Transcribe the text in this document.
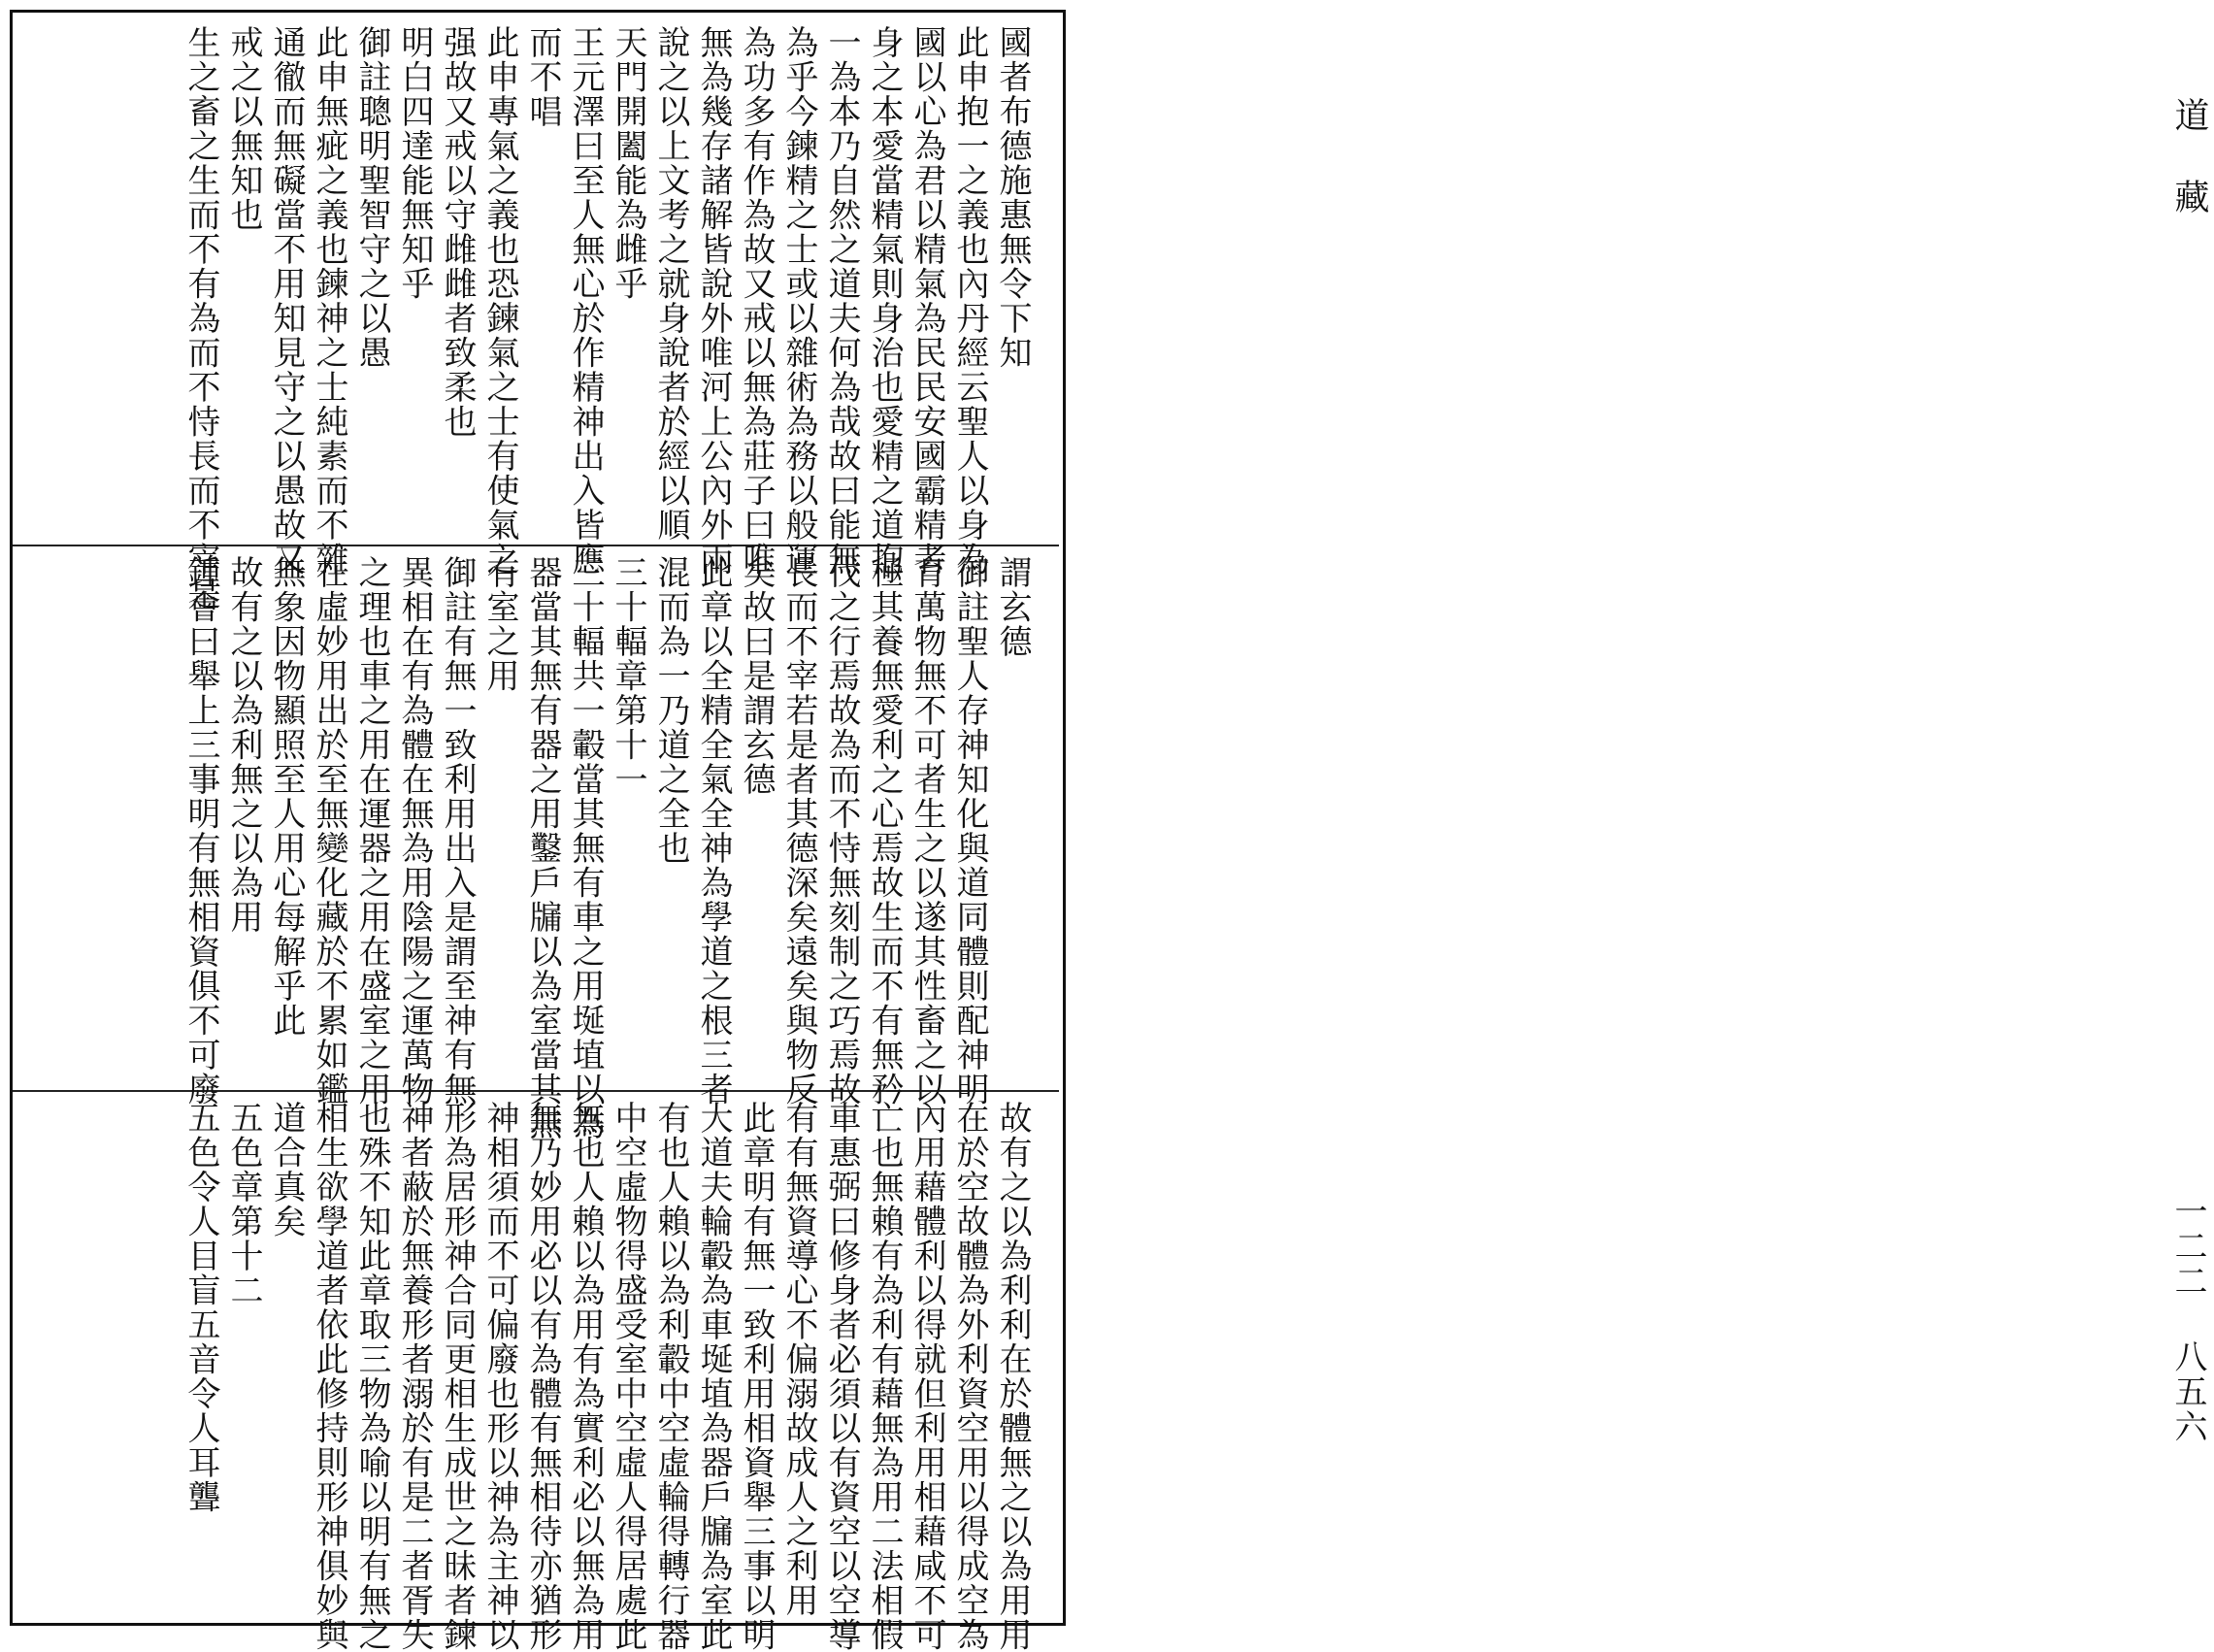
國者布德施惠無令下知
此申抱一之義也內丹經云聖人以身為
國以心為君以精氣為民民安國霸精者
身之本愛當精氣則身治也愛精之道抱
一為本乃自然之道夫何為哉故曰能無
為乎今鍊精之士或以雜術為務以般運
為功多有作為故又戒以無為莊子曰唯
無為幾存諸解皆說外唯河上公內外兩
說之以上文考之就身說者於經以順
天門開闔能為雌乎
王元澤曰至人無心於作精神出入皆應
而不唱
此申專氣之義也恐鍊氣之士有使氣之
强故又戒以守雌雌者致柔也
明白四達能無知乎
御註聰明聖智守之以愚
此申無疵之義也鍊神之士純素而不雜
通徹而無礙當不用知見守之以愚故又
戒之以無知也
生之畜之生而不有為而不恃長而不宰是	謂玄德
御註聖人存神知化與道同體則配神明
育萬物無不可者生之以遂其性畜之以
極其養無愛利之心焉故生而不有無矜
伐之行焉故為而不恃無刻制之巧焉故
長而不宰若是者其德深矣遠矣與物反
矣故曰是謂玄德
此章以全精全氣全神為學道之根三者
混而為一乃道之全也
三十輻章第十一
三十輻共一轂當其無有車之用埏埴以為
器當其無有器之用鑿戶牖以為室當其無
有室之用
御註有無一致利用出入是謂至神有無
異相在有為體在無為用陰陽之運萬物
之理也車之用在運器之用在盛室之用
在虛妙用出於至無變化藏於不累如鑑
無象因物顯照至人用心每解乎此
故有之以為利無之以為用
鍾會曰舉上三事明有無相資俱不可廢
故有之以為利利在於體無之以為用用
在於空故體為外利資空用以得成空為
內用藉體利以得就但利用相藉咸不可
亡也無賴有為利有藉無為用二法相假
車惠弼曰修身者必須以有資空以空導
有有無資導心不偏溺故成人之利用
此章明有無一致利用相資舉三事以明
大道夫輪轂為車埏埴為器戶牖為室此
有也人賴以為利轂中空虛輪得轉行器
中空虛物得盛受室中空虛人得居處此
無也人賴以為用有為實利必以無為用
無乃妙用必以有為體有無相待亦猶形
神相須而不可偏廢也形以神為主神以
形為居形神合同更相生成世之昧者鍊
神者蔽於無養形者溺於有是二者胥失
也殊不知此章取三物為喻以明有無之
相生欲學道者依此修持則形神俱妙與
道合真矣
五色章第十二
五色令人目盲五音令人耳聾
道藏
一二二 八五六
